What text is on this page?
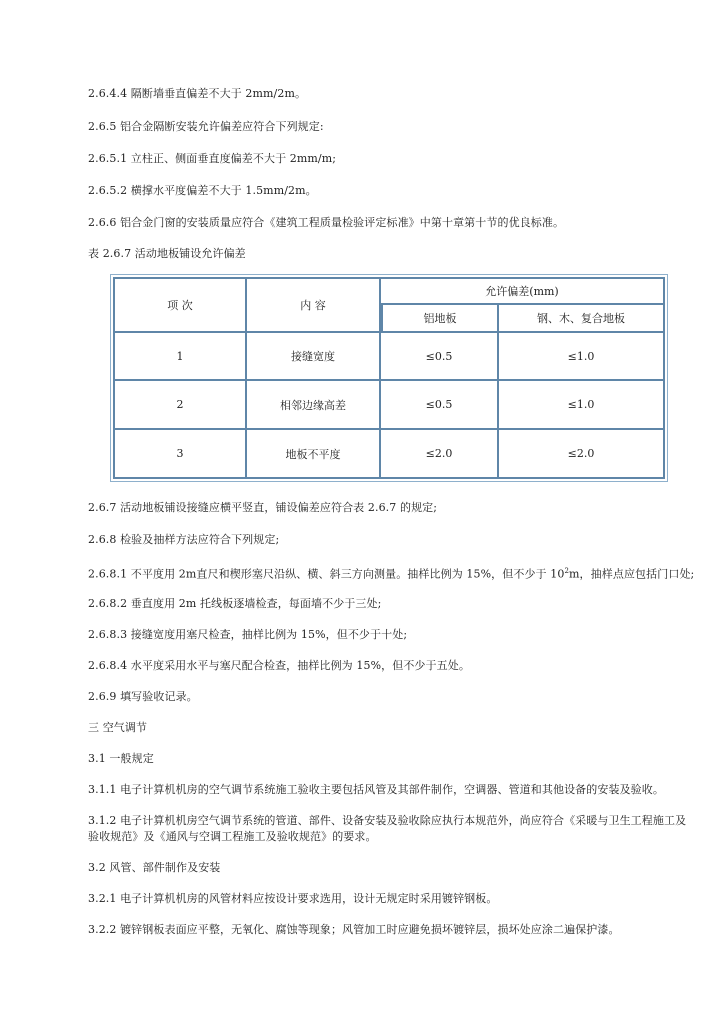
2.6.4.4 隔断墙垂直偏差不大于 2mm/2m。
2.6.5 铝合金隔断安装允许偏差应符合下列规定:
2.6.5.1 立柱正、侧面垂直度偏差不大于 2mm/m;
2.6.5.2 横撑水平度偏差不大于 1.5mm/2m。
2.6.6 铝合金门窗的安装质量应符合《建筑工程质量检验评定标准》中第十章第十节的优良标准。
表 2.6.7 活动地板铺设允许偏差
项 次	内 容	允许偏差(mm)	
		铝地板	钢、木、复合地板
1	接缝宽度	≤0.5	≤1.0
2	相邻边缘高差	≤0.5	≤1.0
3	地板不平度	≤2.0	≤2.0
2.6.7 活动地板铺设接缝应横平竖直，铺设偏差应符合表 2.6.7 的规定;
2.6.8 检验及抽样方法应符合下列规定;
2.6.8.1 不平度用 2m直尺和楔形塞尺沿纵、横、斜三方向测量。抽样比例为 15%，但不少于 $10^2m$，抽样点应包括门口处;
2.6.8.2 垂直度用 2m 托线板逐墙检查，每面墙不少于三处;
2.6.8.3 接缝宽度用塞尺检查，抽样比例为 15%，但不少于十处;
2.6.8.4 水平度采用水平与塞尺配合检查，抽样比例为 15%，但不少于五处。
2.6.9 填写验收记录。
三 空气调节
3.1 一般规定
3.1.1 电子计算机机房的空气调节系统施工验收主要包括风管及其部件制作，空调器、管道和其他设备的安装及验收。
3.1.2 电子计算机机房空气调节系统的管道、部件、设备安装及验收除应执行本规范外，尚应符合《采暖与卫生工程施工及验收规范》及《通风与空调工程施工及验收规范》的要求。
3.2 风管、部件制作及安装
3.2.1 电子计算机机房的风管材料应按设计要求选用，设计无规定时采用镀锌钢板。
3.2.2 镀锌钢板表面应平整，无氧化、腐蚀等现象；风管加工时应避免损坏镀锌层，损坏处应涂二遍保护漆。
